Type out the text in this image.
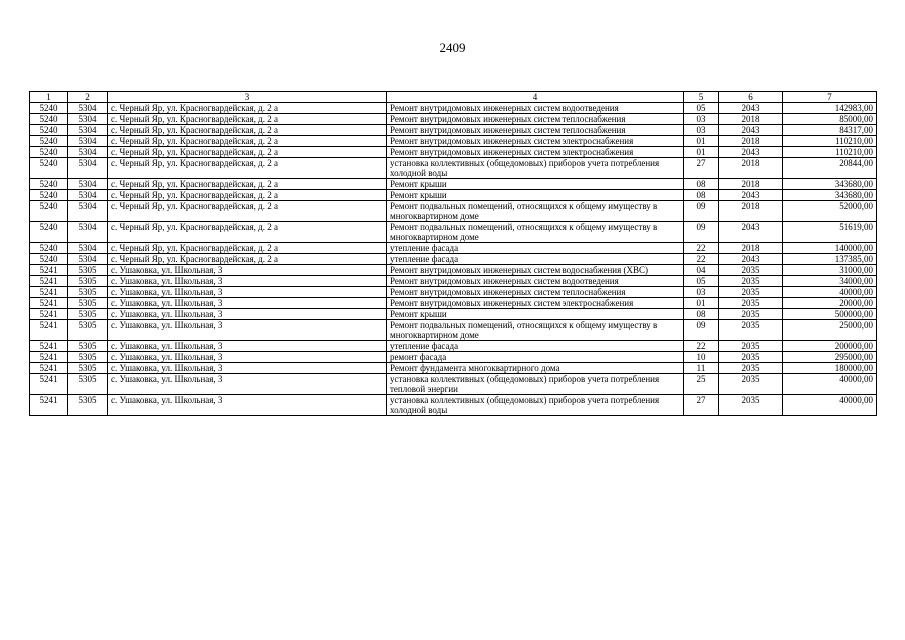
2409
1	2	3	4	5	6	7
5240	5304	с. Черный Яр, ул. Красногвардейская, д. 2 а	Ремонт внутридомовых инженерных систем водоотведения	05	2043	142983,00
5240	5304	с. Черный Яр, ул. Красногвардейская, д. 2 а	Ремонт внутридомовых инженерных систем теплоснабжения	03	2018	85000,00
5240	5304	с. Черный Яр, ул. Красногвардейская, д. 2 а	Ремонт внутридомовых инженерных систем теплоснабжения	03	2043	84317,00
5240	5304	с. Черный Яр, ул. Красногвардейская, д. 2 а	Ремонт внутридомовых инженерных систем электроснабжения	01	2018	110210,00
5240	5304	с. Черный Яр, ул. Красногвардейская, д. 2 а	Ремонт внутридомовых инженерных систем электроснабжения	01	2043	110210,00
5240	5304	с. Черный Яр, ул. Красногвардейская, д. 2 а	установка коллективных (общедомовых) приборов учета потребления холодной воды	27	2018	20844,00
5240	5304	с. Черный Яр, ул. Красногвардейская, д. 2 а	Ремонт крыши	08	2018	343680,00
5240	5304	с. Черный Яр, ул. Красногвардейская, д. 2 а	Ремонт крыши	08	2043	343680,00
5240	5304	с. Черный Яр, ул. Красногвардейская, д. 2 а	Ремонт подвальных помещений, относящихся к общему имуществу в многоквартирном доме	09	2018	52000,00
5240	5304	с. Черный Яр, ул. Красногвардейская, д. 2 а	Ремонт подвальных помещений, относящихся к общему имуществу в многоквартирном доме	09	2043	51619,00
5240	5304	с. Черный Яр, ул. Красногвардейская, д. 2 а	утепление фасада	22	2018	140000,00
5240	5304	с. Черный Яр, ул. Красногвардейская, д. 2 а	утепление фасада	22	2043	137385,00
5241	5305	с. Ушаковка, ул. Школьная, 3	Ремонт внутридомовых инженерных систем водоснабжения (ХВС)	04	2035	31000,00
5241	5305	с. Ушаковка, ул. Школьная, 3	Ремонт внутридомовых инженерных систем водоотведения	05	2035	34000,00
5241	5305	с. Ушаковка, ул. Школьная, 3	Ремонт внутридомовых инженерных систем теплоснабжения	03	2035	40000,00
5241	5305	с. Ушаковка, ул. Школьная, 3	Ремонт внутридомовых инженерных систем электроснабжения	01	2035	20000,00
5241	5305	с. Ушаковка, ул. Школьная, 3	Ремонт крыши	08	2035	500000,00
5241	5305	с. Ушаковка, ул. Школьная, 3	Ремонт подвальных помещений, относящихся к общему имуществу в многоквартирном доме	09	2035	25000,00
5241	5305	с. Ушаковка, ул. Школьная, 3	утепление фасада	22	2035	200000,00
5241	5305	с. Ушаковка, ул. Школьная, 3	ремонт фасада	10	2035	295000,00
5241	5305	с. Ушаковка, ул. Школьная, 3	Ремонт фундамента многоквартирного дома	11	2035	180000,00
5241	5305	с. Ушаковка, ул. Школьная, 3	установка коллективных (общедомовых) приборов учета потребления тепловой энергии	25	2035	40000,00
5241	5305	с. Ушаковка, ул. Школьная, 3	установка коллективных (общедомовых) приборов учета потребления холодной воды	27	2035	40000,00
